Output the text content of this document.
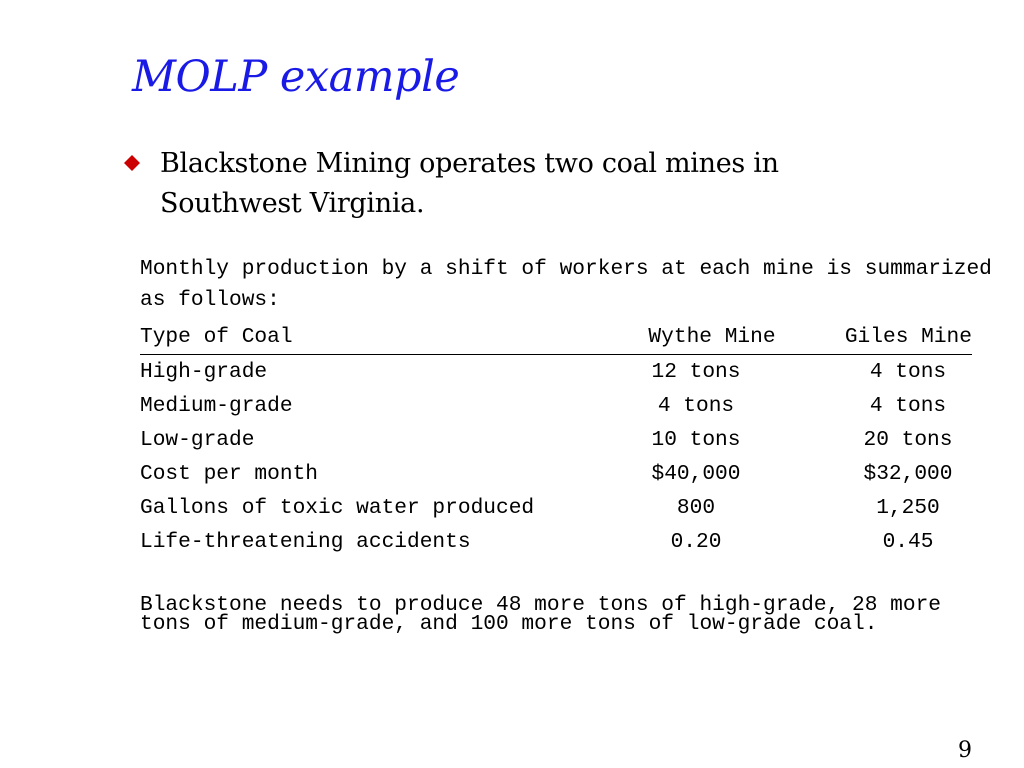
MOLP example
Blackstone Mining operates two coal mines in Southwest Virginia.
Monthly production by a shift of workers at each mine is summarized as follows:
Type of Coal	Wythe Mine	Giles Mine
High-grade	12 tons	4 tons
Medium-grade	4 tons	4 tons
Low-grade	10 tons	20 tons
Cost per month	$40,000	$32,000
Gallons of toxic water produced	800	1,250
Life-threatening accidents	0.20	0.45
Blackstone needs to produce 48 more tons of high-grade, 28 more tons of medium-grade, and 100 more tons of low-grade coal.
9
